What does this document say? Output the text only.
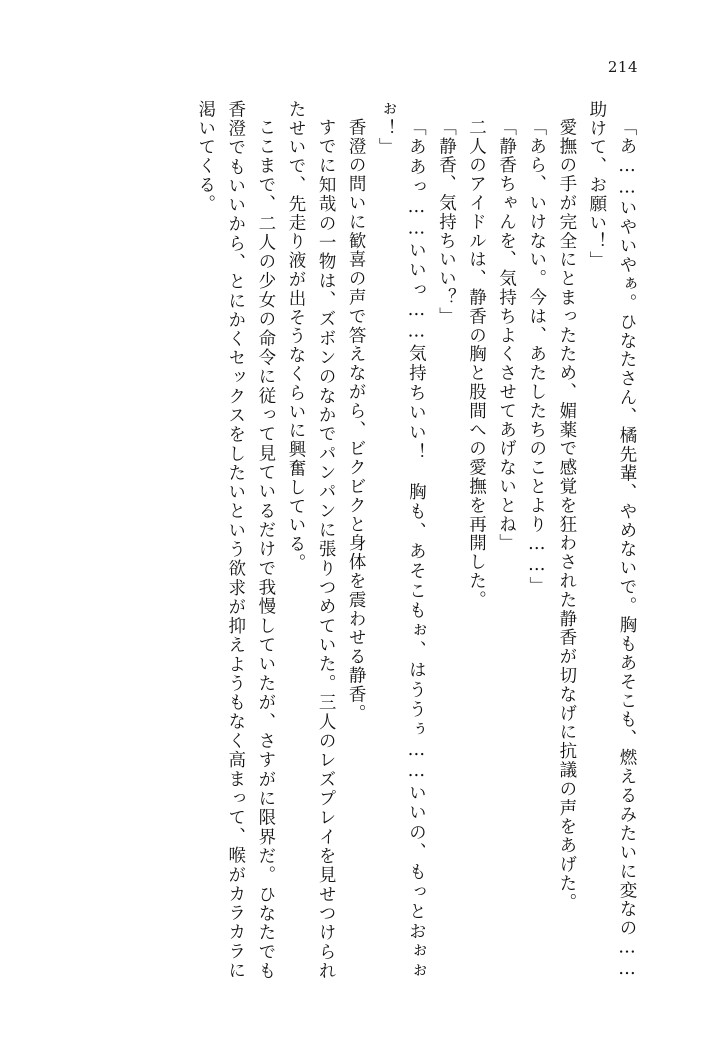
214

「あ……いやいやぁ。ひなたさん、橘先輩、やめないで。胸もあそこも、燃えるみたいに変なの……助けて、お願い！」

愛撫の手が完全にとまったため、媚薬で感覚を狂わされた静香が切なげに抗議の声をあげた。

「あら、いけない。今は、あたしたちのことより……」

「静香ちゃんを、気持ちよくさせてあげないとね」

二人のアイドルは、静香の胸と股間への愛撫を再開した。

「静香、気持ちいい？」

「ああっ……いいっ……気持ちいい！　胸も、あそこもぉ、はううぅ……いいの、もっとおぉぉぉ！」

香澄の問いに歓喜の声で答えながら、ビクビクと身体を震わせる静香。

すでに知哉の一物は、ズボンのなかでパンパンに張りつめていた。三人のレズプレイを見せつけられたせいで、先走り液が出そうなくらいに興奮している。

ここまで、二人の少女の命令に従って見ているだけで我慢していたが、さすがに限界だ。ひなたでも香澄でもいいから、とにかくセックスをしたいという欲求が抑えようもなく高まって、喉がカラカラに渇いてくる。
